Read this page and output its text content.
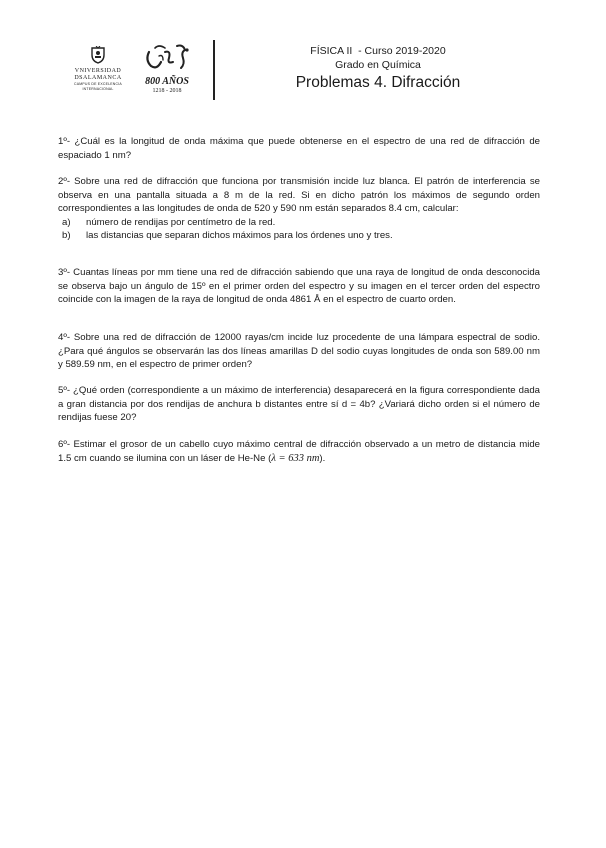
VNIVERSIDAD
DSALAMANCA
CAMPUS DE EXCELENCIA INTERNACIONAL
800 AÑOS
1218 - 2018
FÍSICA II  - Curso 2019-2020
Grado en Química
Problemas 4. Difracción

1º- ¿Cuál es la longitud de onda máxima que puede obtenerse en el espectro de una red de difracción de espaciado 1 nm?

2º- Sobre una red de difracción que funciona por transmisión incide luz blanca. El patrón de interferencia se observa en una pantalla situada a 8 m de la red. Si en dicho patrón los máximos de segundo orden correspondientes a las longitudes de onda de 520 y 590 nm están separados 8.4 cm, calcular:

a) número de rendijas por centímetro de la red.
b) las distancias que separan dichos máximos para los órdenes uno y tres.

3º- Cuantas líneas por mm tiene una red de difracción sabiendo que una raya de longitud de onda desconocida se observa bajo un ángulo de 15º en el primer orden del espectro y su imagen en el tercer orden del espectro coincide con la imagen de la raya de longitud de onda 4861 Å en el espectro de cuarto orden.

4º- Sobre una red de difracción de 12000 rayas/cm incide luz procedente de una lámpara espectral de sodio. ¿Para qué ángulos se observarán las dos líneas amarillas D del sodio cuyas longitudes de onda son 589.00 nm y 589.59 nm, en el espectro de primer orden?

5º- ¿Qué orden (correspondiente a un máximo de interferencia) desaparecerá en la figura correspondiente dada a gran distancia por dos rendijas de anchura b distantes entre sí d = 4b? ¿Variará dicho orden si el número de rendijas fuese 20?

6º- Estimar el grosor de un cabello cuyo máximo central de difracción observado a un metro de distancia mide 1.5 cm cuando se ilumina con un láser de He-Ne (λ = 633 nm).
